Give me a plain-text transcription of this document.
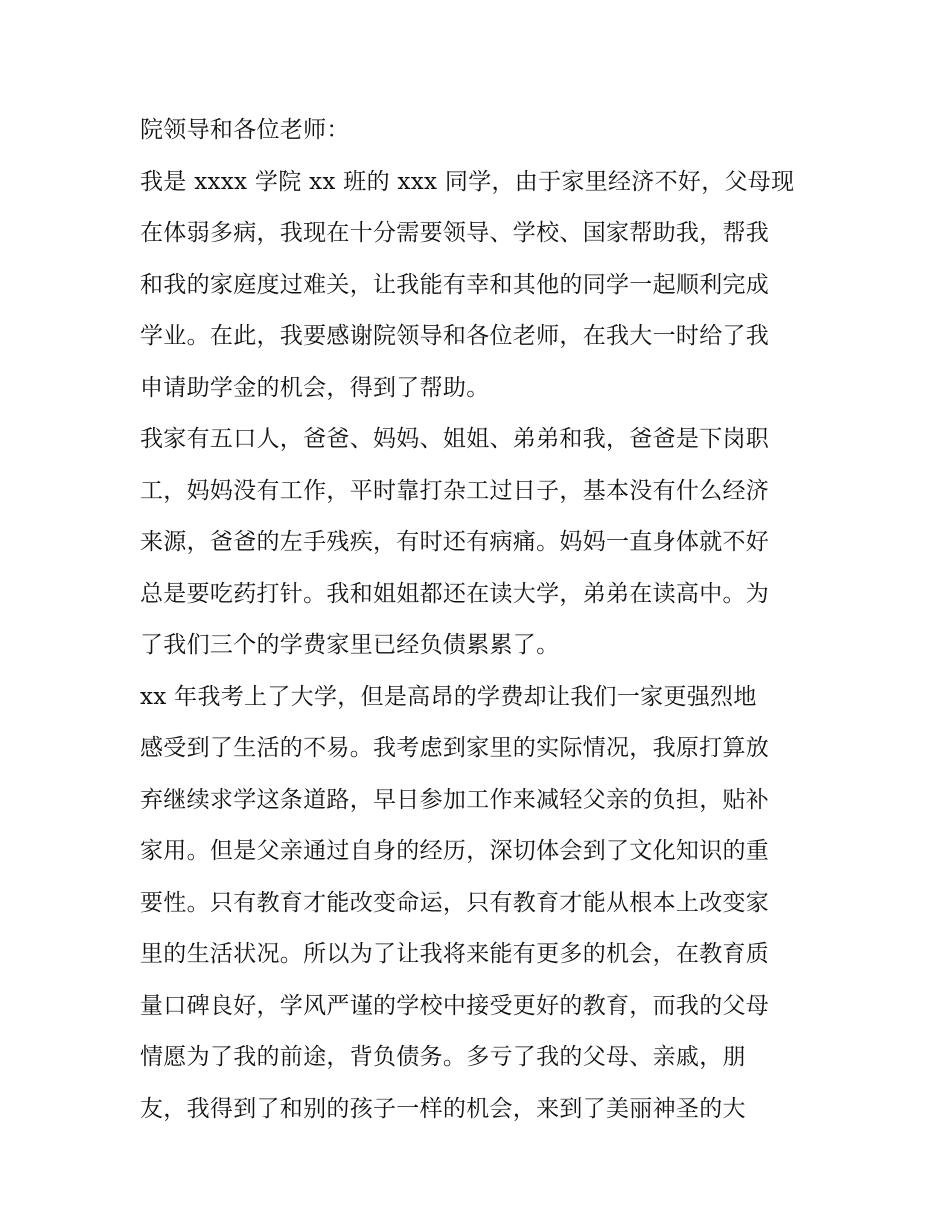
院领导和各位老师：
我是 xxxx 学院 xx 班的 xxx 同学，由于家里经济不好，父母现
在体弱多病，我现在十分需要领导、学校、国家帮助我，帮我
和我的家庭度过难关，让我能有幸和其他的同学一起顺利完成
学业。在此，我要感谢院领导和各位老师，在我大一时给了我
申请助学金的机会，得到了帮助。
我家有五口人，爸爸、妈妈、姐姐、弟弟和我，爸爸是下岗职
工，妈妈没有工作，平时靠打杂工过日子，基本没有什么经济
来源，爸爸的左手残疾，有时还有病痛。妈妈一直身体就不好
总是要吃药打针。我和姐姐都还在读大学，弟弟在读高中。为
了我们三个的学费家里已经负债累累了。
xx 年我考上了大学，但是高昂的学费却让我们一家更强烈地
感受到了生活的不易。我考虑到家里的实际情况，我原打算放
弃继续求学这条道路，早日参加工作来减轻父亲的负担，贴补
家用。但是父亲通过自身的经历，深切体会到了文化知识的重
要性。只有教育才能改变命运，只有教育才能从根本上改变家
里的生活状况。所以为了让我将来能有更多的机会，在教育质
量口碑良好，学风严谨的学校中接受更好的教育，而我的父母
情愿为了我的前途，背负债务。多亏了我的父母、亲戚，朋
友，我得到了和别的孩子一样的机会，来到了美丽神圣的大
